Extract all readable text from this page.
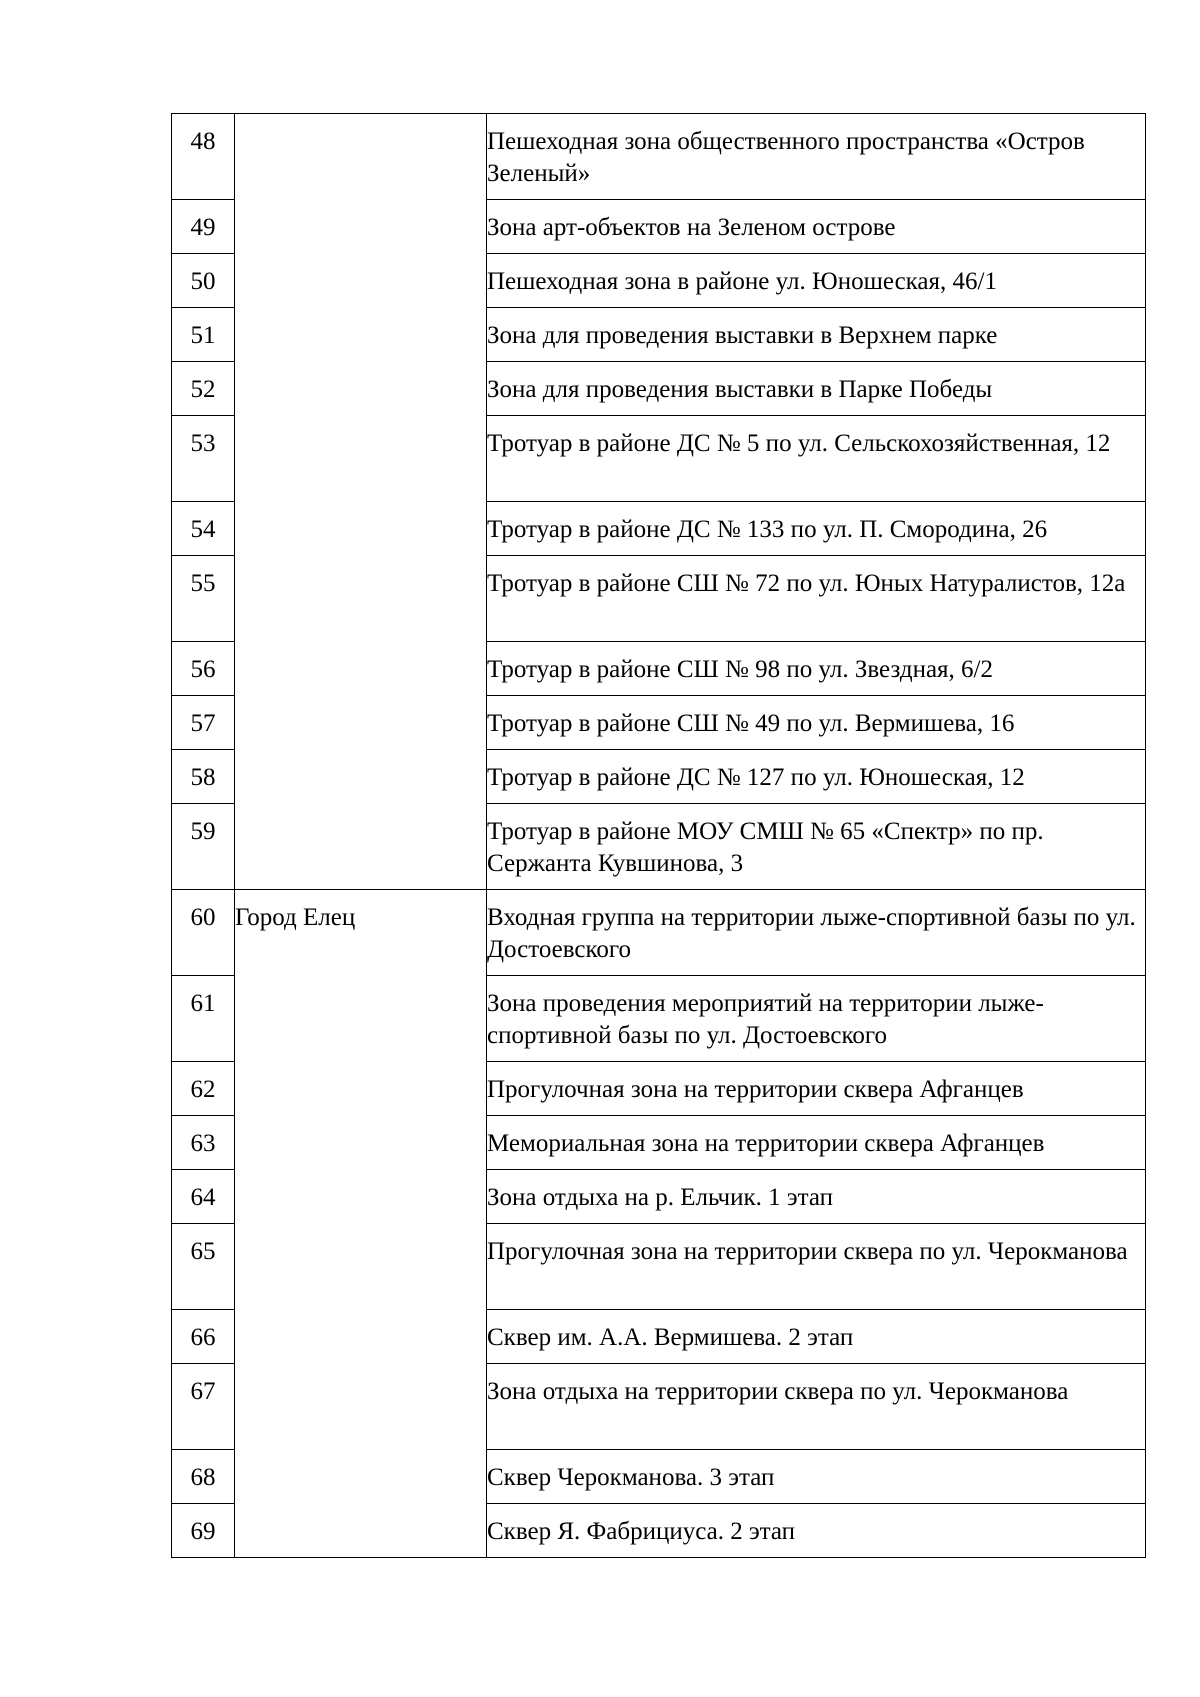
48		Пешеходная зона общественного пространства «Остров Зеленый»

49		Зона арт-объектов на Зеленом острове

50		Пешеходная зона в районе ул. Юношеская, 46/1

51		Зона для проведения выставки в Верхнем парке

52		Зона для проведения выставки в Парке Победы

53		Тротуар в районе ДС № 5 по ул. Сельскохозяйственная, 12

54		Тротуар в районе ДС № 133 по ул. П. Смородина, 26

55		Тротуар в районе СШ № 72 по ул. Юных Натуралистов, 12а

56		Тротуар в районе СШ № 98 по ул. Звездная, 6/2

57		Тротуар в районе СШ № 49 по ул. Вермишева, 16

58		Тротуар в районе ДС № 127 по ул. Юношеская, 12

59		Тротуар в районе МОУ СМШ № 65 «Спектр» по пр. Сержанта Кувшинова, 3

60	Город Елец	Входная группа на территории лыже-спортивной базы по ул. Достоевского

61		Зона проведения мероприятий на территории лыже-спортивной базы по ул. Достоевского

62		Прогулочная зона на территории сквера Афганцев

63		Мемориальная зона на территории сквера Афганцев

64		Зона отдыха на р. Ельчик. 1 этап

65		Прогулочная зона на территории сквера по ул. Черокманова

66		Сквер им. А.А. Вермишева. 2 этап

67		Зона отдыха на территории сквера по ул. Черокманова

68		Сквер Черокманова. 3 этап

69		Сквер Я. Фабрициуса. 2 этап
